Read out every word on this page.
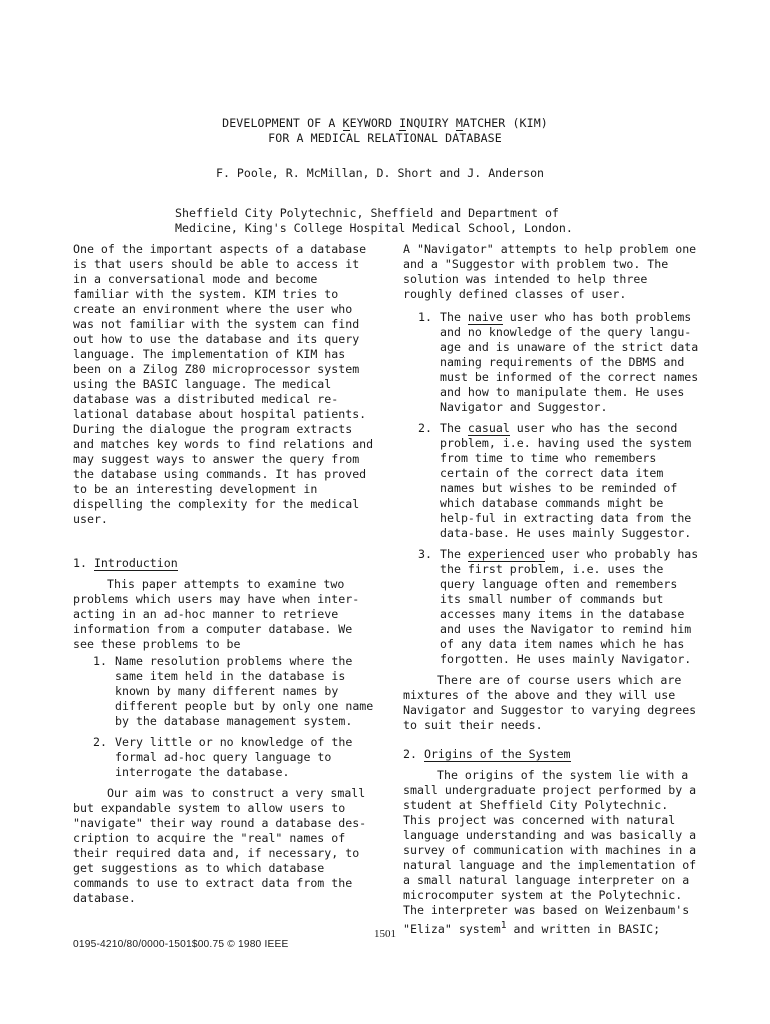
DEVELOPMENT OF A KEYWORD INQUIRY MATCHER (KIM)
FOR A MEDICAL RELATIONAL DATABASE
F. Poole, R. McMillan, D. Short and J. Anderson
Sheffield City Polytechnic, Sheffield and Department of
Medicine, King's College Hospital Medical School, London.

One of the important aspects of a database is that users should be able to access it in a conversational mode and become familiar with the system. KIM tries to create an environment where the user who was not familiar with the system can find out how to use the database and its query language. The implementation of KIM has been on a Zilog Z80 microprocessor system using the BASIC language. The medical database was a distributed medical re-lational database about hospital patients. During the dialogue the program extracts and matches key words to find relations and may suggest ways to answer the query from the database using commands. It has proved to be an interesting development in dispelling the complexity for the medical user.

1. Introduction

This paper attempts to examine two problems which users may have when inter-acting in an ad-hoc manner to retrieve information from a computer database. We see these problems to be

1. Name resolution problems where the same item held in the database is known by many different names by different people but by only one name by the database management system.
2. Very little or no knowledge of the formal ad-hoc query language to interrogate the database.

Our aim was to construct a very small but expandable system to allow users to "navigate" their way round a database des-cription to acquire the "real" names of their required data and, if necessary, to get suggestions as to which database commands to use to extract data from the database.

A "Navigator" attempts to help problem one and a "Suggestor with problem two. The solution was intended to help three roughly defined classes of user.

1. The naive user who has both problems and no knowledge of the query langu-age and is unaware of the strict data naming requirements of the DBMS and must be informed of the correct names and how to manipulate them. He uses Navigator and Suggestor.
2. The casual user who has the second problem, i.e. having used the system from time to time who remembers certain of the correct data item names but wishes to be reminded of which database commands might be help-ful in extracting data from the data-base. He uses mainly Suggestor.
3. The experienced user who probably has the first problem, i.e. uses the query language often and remembers its small number of commands but accesses many items in the database and uses the Navigator to remind him of any data item names which he has forgotten. He uses mainly Navigator.

There are of course users which are mixtures of the above and they will use Navigator and Suggestor to varying degrees to suit their needs.

2. Origins of the System

The origins of the system lie with a small undergraduate project performed by a student at Sheffield City Polytechnic. This project was concerned with natural language understanding and was basically a survey of communication with machines in a natural language and the implementation of a small natural language interpreter on a microcomputer system at the Polytechnic. The interpreter was based on Weizenbaum's "Eliza" system$^1$ and written in BASIC;

1501
0195-4210/80/0000-1501$00.75 © 1980 IEEE
